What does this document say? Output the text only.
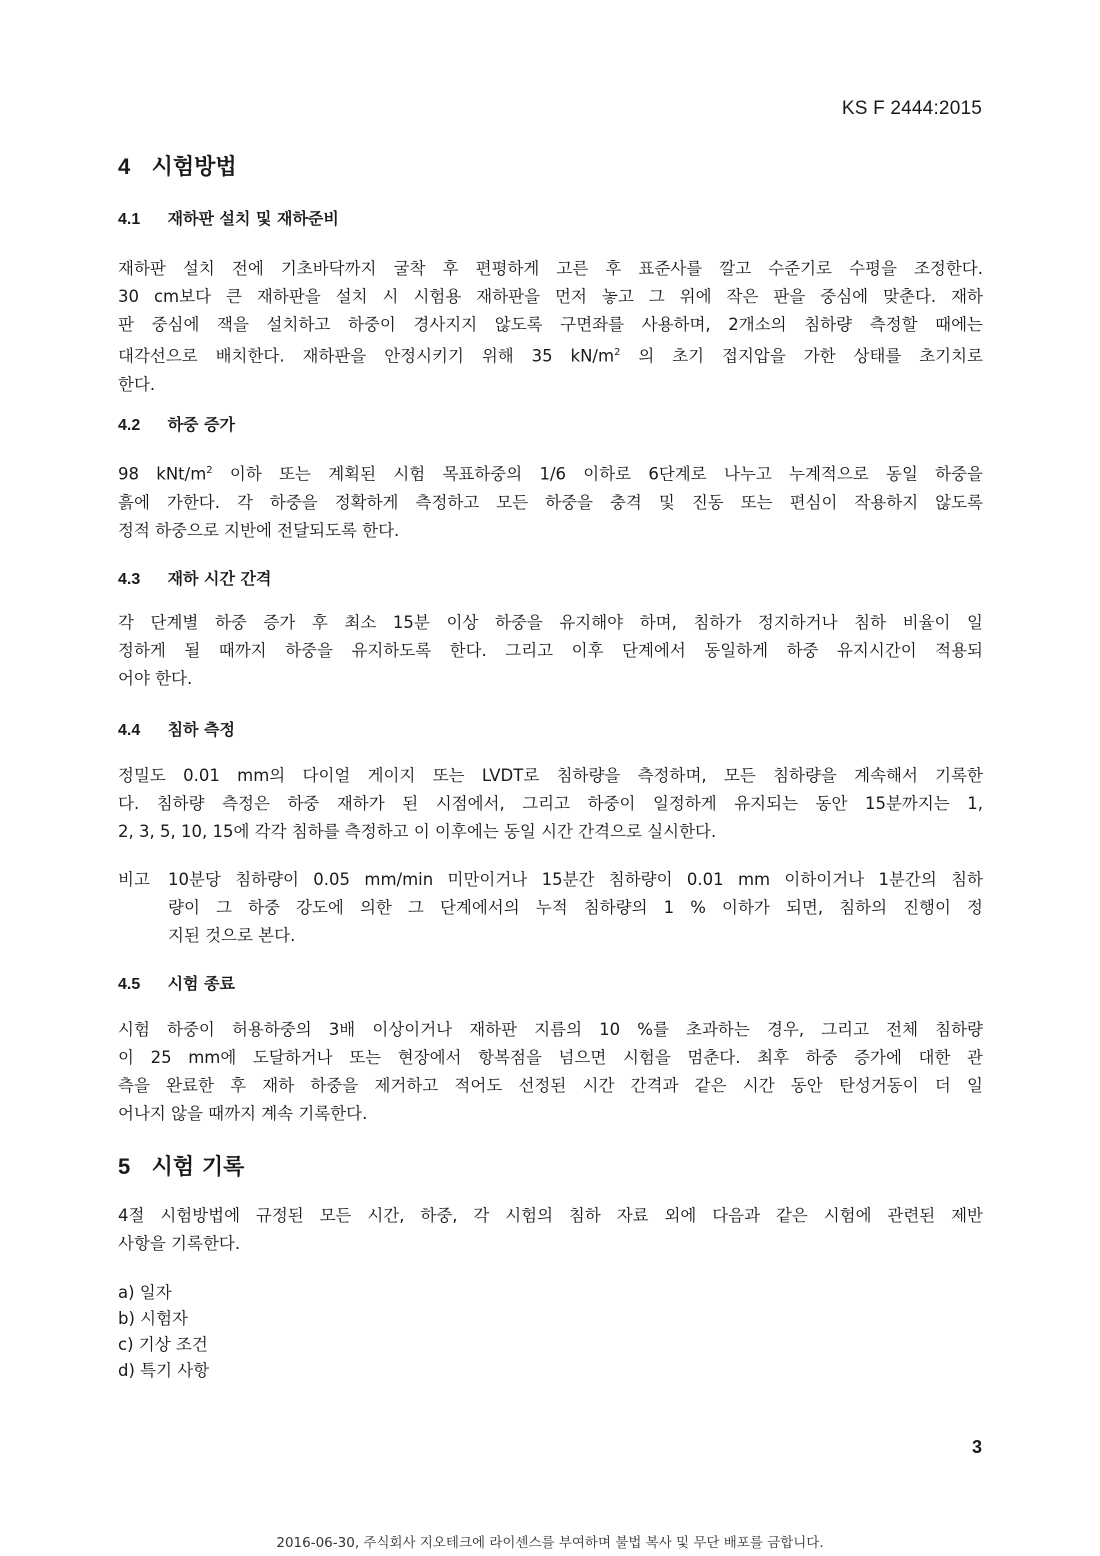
KS F 2444:2015
4 시험방법
4.1 재하판 설치 및 재하준비
재하판 설치 전에 기초바닥까지 굴착 후 편평하게 고른 후 표준사를 깔고 수준기로 수평을 조정한다.
30 cm보다 큰 재하판을 설치 시 시험용 재하판을 먼저 놓고 그 위에 작은 판을 중심에 맞춘다. 재하
판 중심에 잭을 설치하고 하중이 경사지지 않도록 구면좌를 사용하며, 2개소의 침하량 측정할 때에는
대각선으로 배치한다. 재하판을 안정시키기 위해 35 $kN/m^2$ 의 초기 접지압을 가한 상태를 초기치로
한다.
4.2 하중 증가
98 kNt/$m^2$ 이하 또는 계획된 시험 목표하중의 1/6 이하로 6단계로 나누고 누계적으로 동일 하중을
흙에 가한다. 각 하중을 정확하게 측정하고 모든 하중을 충격 및 진동 또는 편심이 작용하지 않도록
정적 하중으로 지반에 전달되도록 한다.
4.3 재하 시간 간격
각 단계별 하중 증가 후 최소 15분 이상 하중을 유지해야 하며, 침하가 정지하거나 침하 비율이 일
정하게 될 때까지 하중을 유지하도록 한다. 그리고 이후 단계에서 동일하게 하중 유지시간이 적용되
어야 한다.
4.4 침하 측정
정밀도 0.01 mm의 다이얼 게이지 또는 LVDT로 침하량을 측정하며, 모든 침하량을 계속해서 기록한
다. 침하량 측정은 하중 재하가 된 시점에서, 그리고 하중이 일정하게 유지되는 동안 15분까지는 1,
2, 3, 5, 10, 15에 각각 침하를 측정하고 이 이후에는 동일 시간 간격으로 실시한다.
비고 10분당 침하량이 0.05 mm/min 미만이거나 15분간 침하량이 0.01 mm 이하이거나 1분간의 침하
량이 그 하중 강도에 의한 그 단계에서의 누적 침하량의 1 % 이하가 되면, 침하의 진행이 정
지된 것으로 본다.
4.5 시험 종료
시험 하중이 허용하중의 3배 이상이거나 재하판 지름의 10 %를 초과하는 경우, 그리고 전체 침하량
이 25 mm에 도달하거나 또는 현장에서 항복점을 넘으면 시험을 멈춘다. 최후 하중 증가에 대한 관
측을 완료한 후 재하 하중을 제거하고 적어도 선정된 시간 간격과 같은 시간 동안 탄성거동이 더 일
어나지 않을 때까지 계속 기록한다.
5 시험 기록
4절 시험방법에 규정된 모든 시간, 하중, 각 시험의 침하 자료 외에 다음과 같은 시험에 관련된 제반
사항을 기록한다.
a) 일자
b) 시험자
c) 기상 조건
d) 특기 사항
3
2016-06-30, 주식회사 지오테크에 라이센스를 부여하며 불법 복사 및 무단 배포를 금합니다.
